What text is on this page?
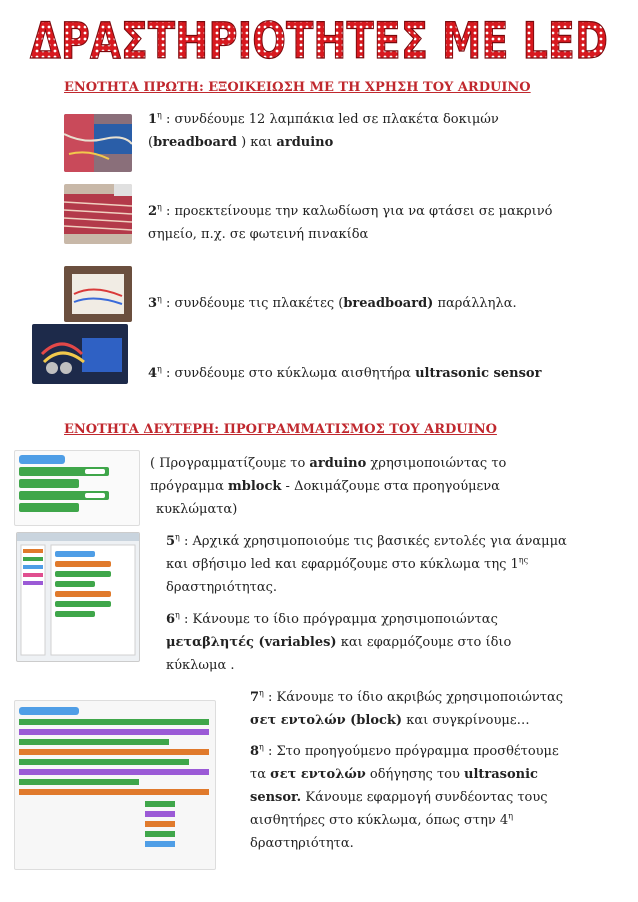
ΔΡΑΣΤΗΡΙΟΤΗΤΕΣ ΜΕ LED
ΕΝΟΤΗΤΑ ΠΡΩΤΗ: ΕΞΟΙΚΕΙΩΣΗ ΜΕ ΤΗ ΧΡΗΣΗ ΤΟΥ ARDUINO
$1^\eta$ : συνδέουμε 12 λαμπάκια led σε πλακέτα δοκιμών
(breadboard ) και arduino
$2^\eta$ : προεκτείνουμε την καλωδίωση για να φτάσει σε μακρινό
σημείο, π.χ. σε φωτεινή πινακίδα
$3^\eta$ : συνδέουμε τις πλακέτες (breadboard) παράλληλα.
$4^\eta$ : συνδέουμε στο κύκλωμα αισθητήρα ultrasonic sensor
ΕΝΟΤΗΤΑ ΔΕΥΤΕΡΗ: ΠΡΟΓΡΑΜΜΑΤΙΣΜΟΣ ΤΟΥ ARDUINO
( Προγραμματίζουμε το arduino χρησιμοποιώντας το
πρόγραμμα mblock - Δοκιμάζουμε στα προηγούμενα
κυκλώματα)
$5^\eta$ : Αρχικά χρησιμοποιούμε τις βασικές εντολές για άναμμα
και σβήσιμο led και εφαρμόζουμε στο κύκλωμα της $1^{\eta\varsigma}$
δραστηριότητας.
$6^\eta$ : Κάνουμε το ίδιο πρόγραμμα χρησιμοποιώντας
μεταβλητές (variables) και εφαρμόζουμε στο ίδιο
κύκλωμα .
$7^\eta$ : Κάνουμε το ίδιο ακριβώς χρησιμοποιώντας
σετ εντολών (block) και συγκρίνουμε…
$8^\eta$ : Στο προηγούμενο πρόγραμμα προσθέτουμε
τα σετ εντολών οδήγησης του ultrasonic
sensor. Κάνουμε εφαρμογή συνδέοντας τους
αισθητήρες στο κύκλωμα, όπως στην $4^\eta$
δραστηριότητα.
